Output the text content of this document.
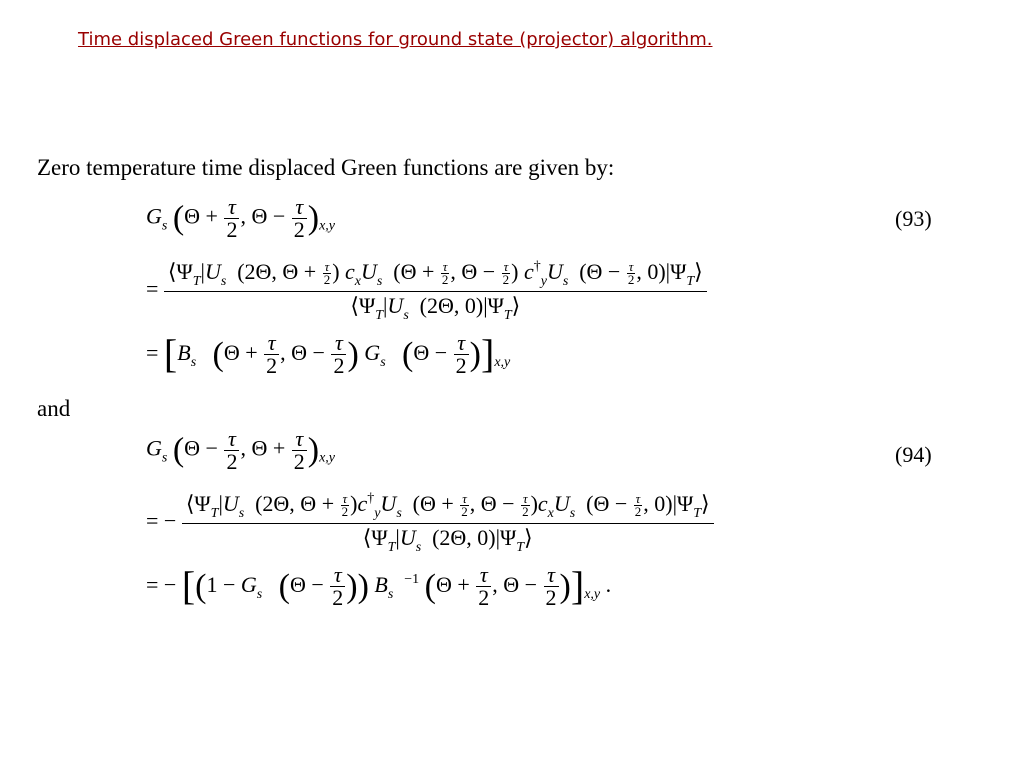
Time displaced Green functions for ground state (projector) algorithm.
Zero temperature time displaced Green functions are given by:
$G_s$ ($\Theta + \frac{\tau}{2}$ , $\Theta - \frac{\tau}{2} )_{x,y}$	(93)
=
$⟨\Psi_T|U_{s⃗}(2\Theta$, $\Theta + \frac{\tau}{2}$ ) $c_xU_{s⃗}(\Theta + \frac{\tau}{2}$ , $\Theta - \frac{\tau}{2}$ ) $c^\dagger_yU_{s⃗}(\Theta - \frac{\tau}{2}$ , $0)|\Psi_T⟩$
$⟨\Psi_T|U_{s⃗}(2\Theta$, $0)|\Psi_T⟩$
= [$B_{s⃗}$ ($\Theta + \frac{\tau}{2}$ , $\Theta - \frac{\tau}{2}$ ) $G_{s⃗}$ $(\Theta - \frac{\tau}{2} )]_{x,y}$
and
$G_s$ ($\Theta - \frac{\tau}{2}$ , $\Theta + \frac{\tau}{2} )_{x,y}$	(94)
= −
$⟨\Psi_T|U_{s⃗}(2\Theta$, $\Theta + \frac{\tau}{2} )c^\dagger_yU_{s⃗}(\Theta + \frac{\tau}{2}$ , $\Theta - \frac{\tau}{2} )c_xU_{s⃗}(\Theta - \frac{\tau}{2}$ , $0)|\Psi_T⟩$
$⟨\Psi_T|U_{s⃗}(2\Theta$, $0)|\Psi_T⟩$
= − [($1 - G_{s⃗}$ ($\Theta - \frac{\tau}{2}$ )) $B_{s⃗}^{-1}$ ($\Theta + \frac{\tau}{2}$ , $\Theta - \frac{\tau}{2} )]_{x,y}$ .
